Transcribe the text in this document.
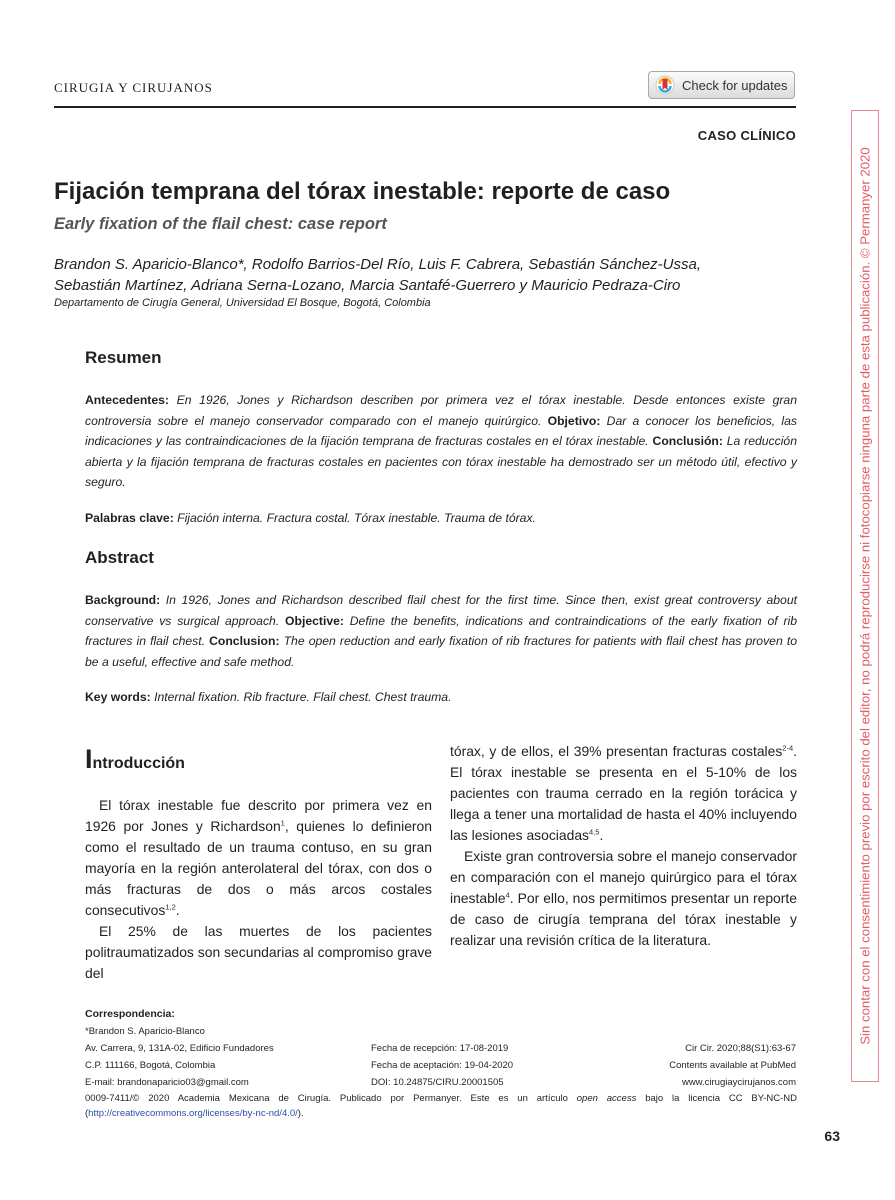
CIRUGIA Y CIRUJANOS	Check for updates
CASO CLÍNICO
Fijación temprana del tórax inestable: reporte de caso
Early fixation of the flail chest: case report
Brandon S. Aparicio-Blanco*, Rodolfo Barrios-Del Río, Luis F. Cabrera, Sebastián Sánchez-Ussa,
Sebastián Martínez, Adriana Serna-Lozano, Marcia Santafé-Guerrero y Mauricio Pedraza-Ciro
Departamento de Cirugía General, Universidad El Bosque, Bogotá, Colombia
Resumen
Antecedentes: En 1926, Jones y Richardson describen por primera vez el tórax inestable. Desde entonces existe gran controversia sobre el manejo conservador comparado con el manejo quirúrgico. Objetivo: Dar a conocer los beneficios, las indicaciones y las contraindicaciones de la fijación temprana de fracturas costales en el tórax inestable. Conclusión: La reducción abierta y la fijación temprana de fracturas costales en pacientes con tórax inestable ha demostrado ser un método útil, efectivo y seguro.
Palabras clave: Fijación interna. Fractura costal. Tórax inestable. Trauma de tórax.
Abstract
Background: In 1926, Jones and Richardson described flail chest for the first time. Since then, exist great controversy about conservative vs surgical approach. Objective: Define the benefits, indications and contraindications of the early fixation of rib fractures in flail chest. Conclusion: The open reduction and early fixation of rib fractures for patients with flail chest has proven to be a useful, effective and safe method.
Key words: Internal fixation. Rib fracture. Flail chest. Chest trauma.
Introducción

El tórax inestable fue descrito por primera vez en 1926 por Jones y Richardson$^1$, quienes lo definieron como el resultado de un trauma contuso, en su gran mayoría en la región anterolateral del tórax, con dos o más fracturas de dos o más arcos costales consecutivos$^{1,2}$.

El 25% de las muertes de los pacientes politraumatizados son secundarias al compromiso grave del

tórax, y de ellos, el 39% presentan fracturas costales$^{2-4}$. El tórax inestable se presenta en el 5-10% de los pacientes con trauma cerrado en la región torácica y llega a tener una mortalidad de hasta el 40% incluyendo las lesiones asociadas$^{4,5}$.

Existe gran controversia sobre el manejo conservador en comparación con el manejo quirúrgico para el tórax inestable$^4$. Por ello, nos permitimos presentar un reporte de caso de cirugía temprana del tórax inestable y realizar una revisión crítica de la literatura.

Correspondencia:
*Brandon S. Aparicio-Blanco
Av. Carrera, 9, 131A-02, Edificio Fundadores
C.P. 111166, Bogotá, Colombia
E-mail: brandonaparicio03@gmail.com
Fecha de recepción: 17-08-2019
Fecha de aceptación: 19-04-2020
DOI: 10.24875/CIRU.20001505
Cir Cir. 2020;88(S1):63-67
Contents available at PubMed
www.cirugiaycirujanos.com
0009-7411/© 2020 Academia Mexicana de Cirugía. Publicado por Permanyer. Este es un artículo open access bajo la licencia CC BY-NC-ND (http://creativecommons.org/licenses/by-nc-nd/4.0/).
63
Sin contar con el consentimiento previo por escrito del editor, no podrá reproducirse ni fotocopiarse ninguna parte de esta publicación. © Permanyer 2020
